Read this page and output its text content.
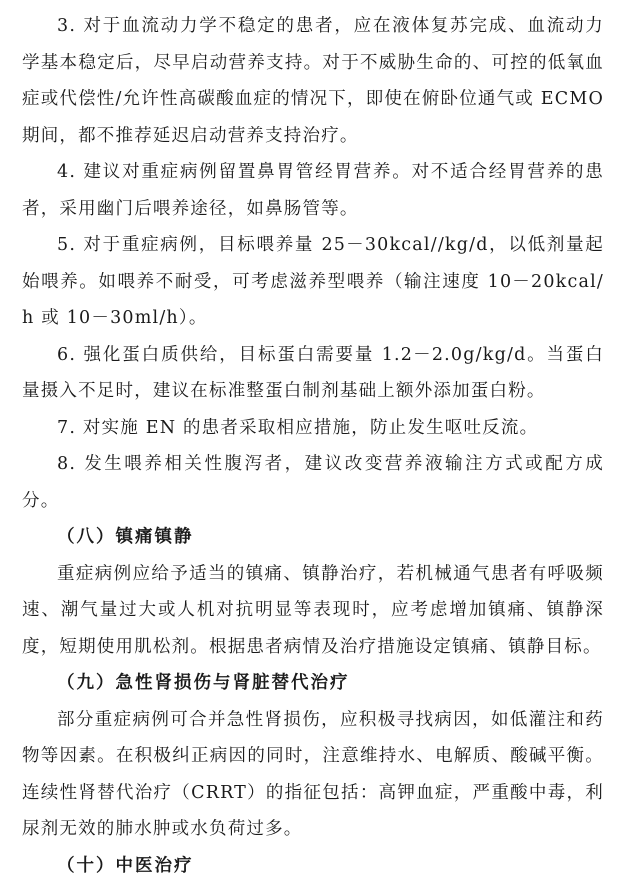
3. 对于血流动力学不稳定的患者，应在液体复苏完成、血流动力学基本稳定后，尽早启动营养支持。对于不威胁生命的、可控的低氧血症或代偿性/允许性高碳酸血症的情况下，即使在俯卧位通气或 ECMO 期间，都不推荐延迟启动营养支持治疗。

4. 建议对重症病例留置鼻胃管经胃营养。对不适合经胃营养的患者，采用幽门后喂养途径，如鼻肠管等。

5. 对于重症病例，目标喂养量 25－30kcal//kg/d，以低剂量起始喂养。如喂养不耐受，可考虑滋养型喂养（输注速度 10－20kcal/h 或 10－30ml/h）。

6. 强化蛋白质供给，目标蛋白需要量 1.2－2.0g/kg/d。当蛋白量摄入不足时，建议在标准整蛋白制剂基础上额外添加蛋白粉。

7. 对实施 EN 的患者采取相应措施，防止发生呕吐反流。

8. 发生喂养相关性腹泻者，建议改变营养液输注方式或配方成分。

（八）镇痛镇静

重症病例应给予适当的镇痛、镇静治疗，若机械通气患者有呼吸频速、潮气量过大或人机对抗明显等表现时，应考虑增加镇痛、镇静深度，短期使用肌松剂。根据患者病情及治疗措施设定镇痛、镇静目标。

（九）急性肾损伤与肾脏替代治疗

部分重症病例可合并急性肾损伤，应积极寻找病因，如低灌注和药物等因素。在积极纠正病因的同时，注意维持水、电解质、酸碱平衡。连续性肾替代治疗（CRRT）的指征包括：高钾血症，严重酸中毒，利尿剂无效的肺水肿或水负荷过多。

（十）中医治疗
